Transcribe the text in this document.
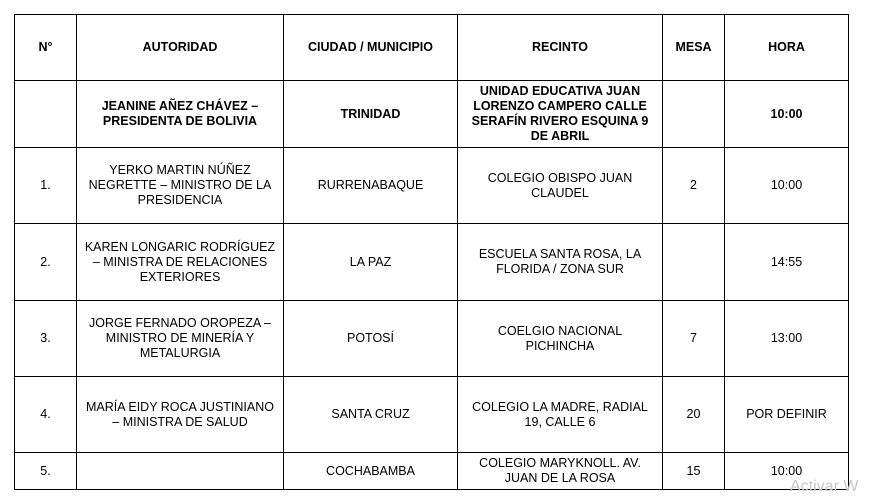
N°	AUTORIDAD	CIUDAD / MUNICIPIO	RECINTO	MESA	HORA
	JEANINE AÑEZ CHÁVEZ – PRESIDENTA DE BOLIVIA	TRINIDAD	UNIDAD EDUCATIVA JUAN LORENZO CAMPERO CALLE SERAFÍN RIVERO ESQUINA 9 DE ABRIL		10:00
1.	YERKO MARTIN NÚÑEZ NEGRETTE – MINISTRO DE LA PRESIDENCIA	RURRENABAQUE	COLEGIO OBISPO JUAN CLAUDEL	2	10:00
2.	KAREN LONGARIC RODRÍGUEZ – MINISTRA DE RELACIONES EXTERIORES	LA PAZ	ESCUELA SANTA ROSA, LA FLORIDA / ZONA SUR		14:55
3.	JORGE FERNADO OROPEZA – MINISTRO DE MINERÍA Y METALURGIA	POTOSÍ	COELGIO NACIONAL PICHINCHA	7	13:00
4.	MARÍA EIDY ROCA JUSTINIANO – MINISTRA DE SALUD	SANTA CRUZ	COLEGIO LA MADRE, RADIAL 19, CALLE 6	20	POR DEFINIR
5.		COCHABAMBA	COLEGIO MARYKNOLL. AV. JUAN DE LA ROSA	15	10:00
Activar W
